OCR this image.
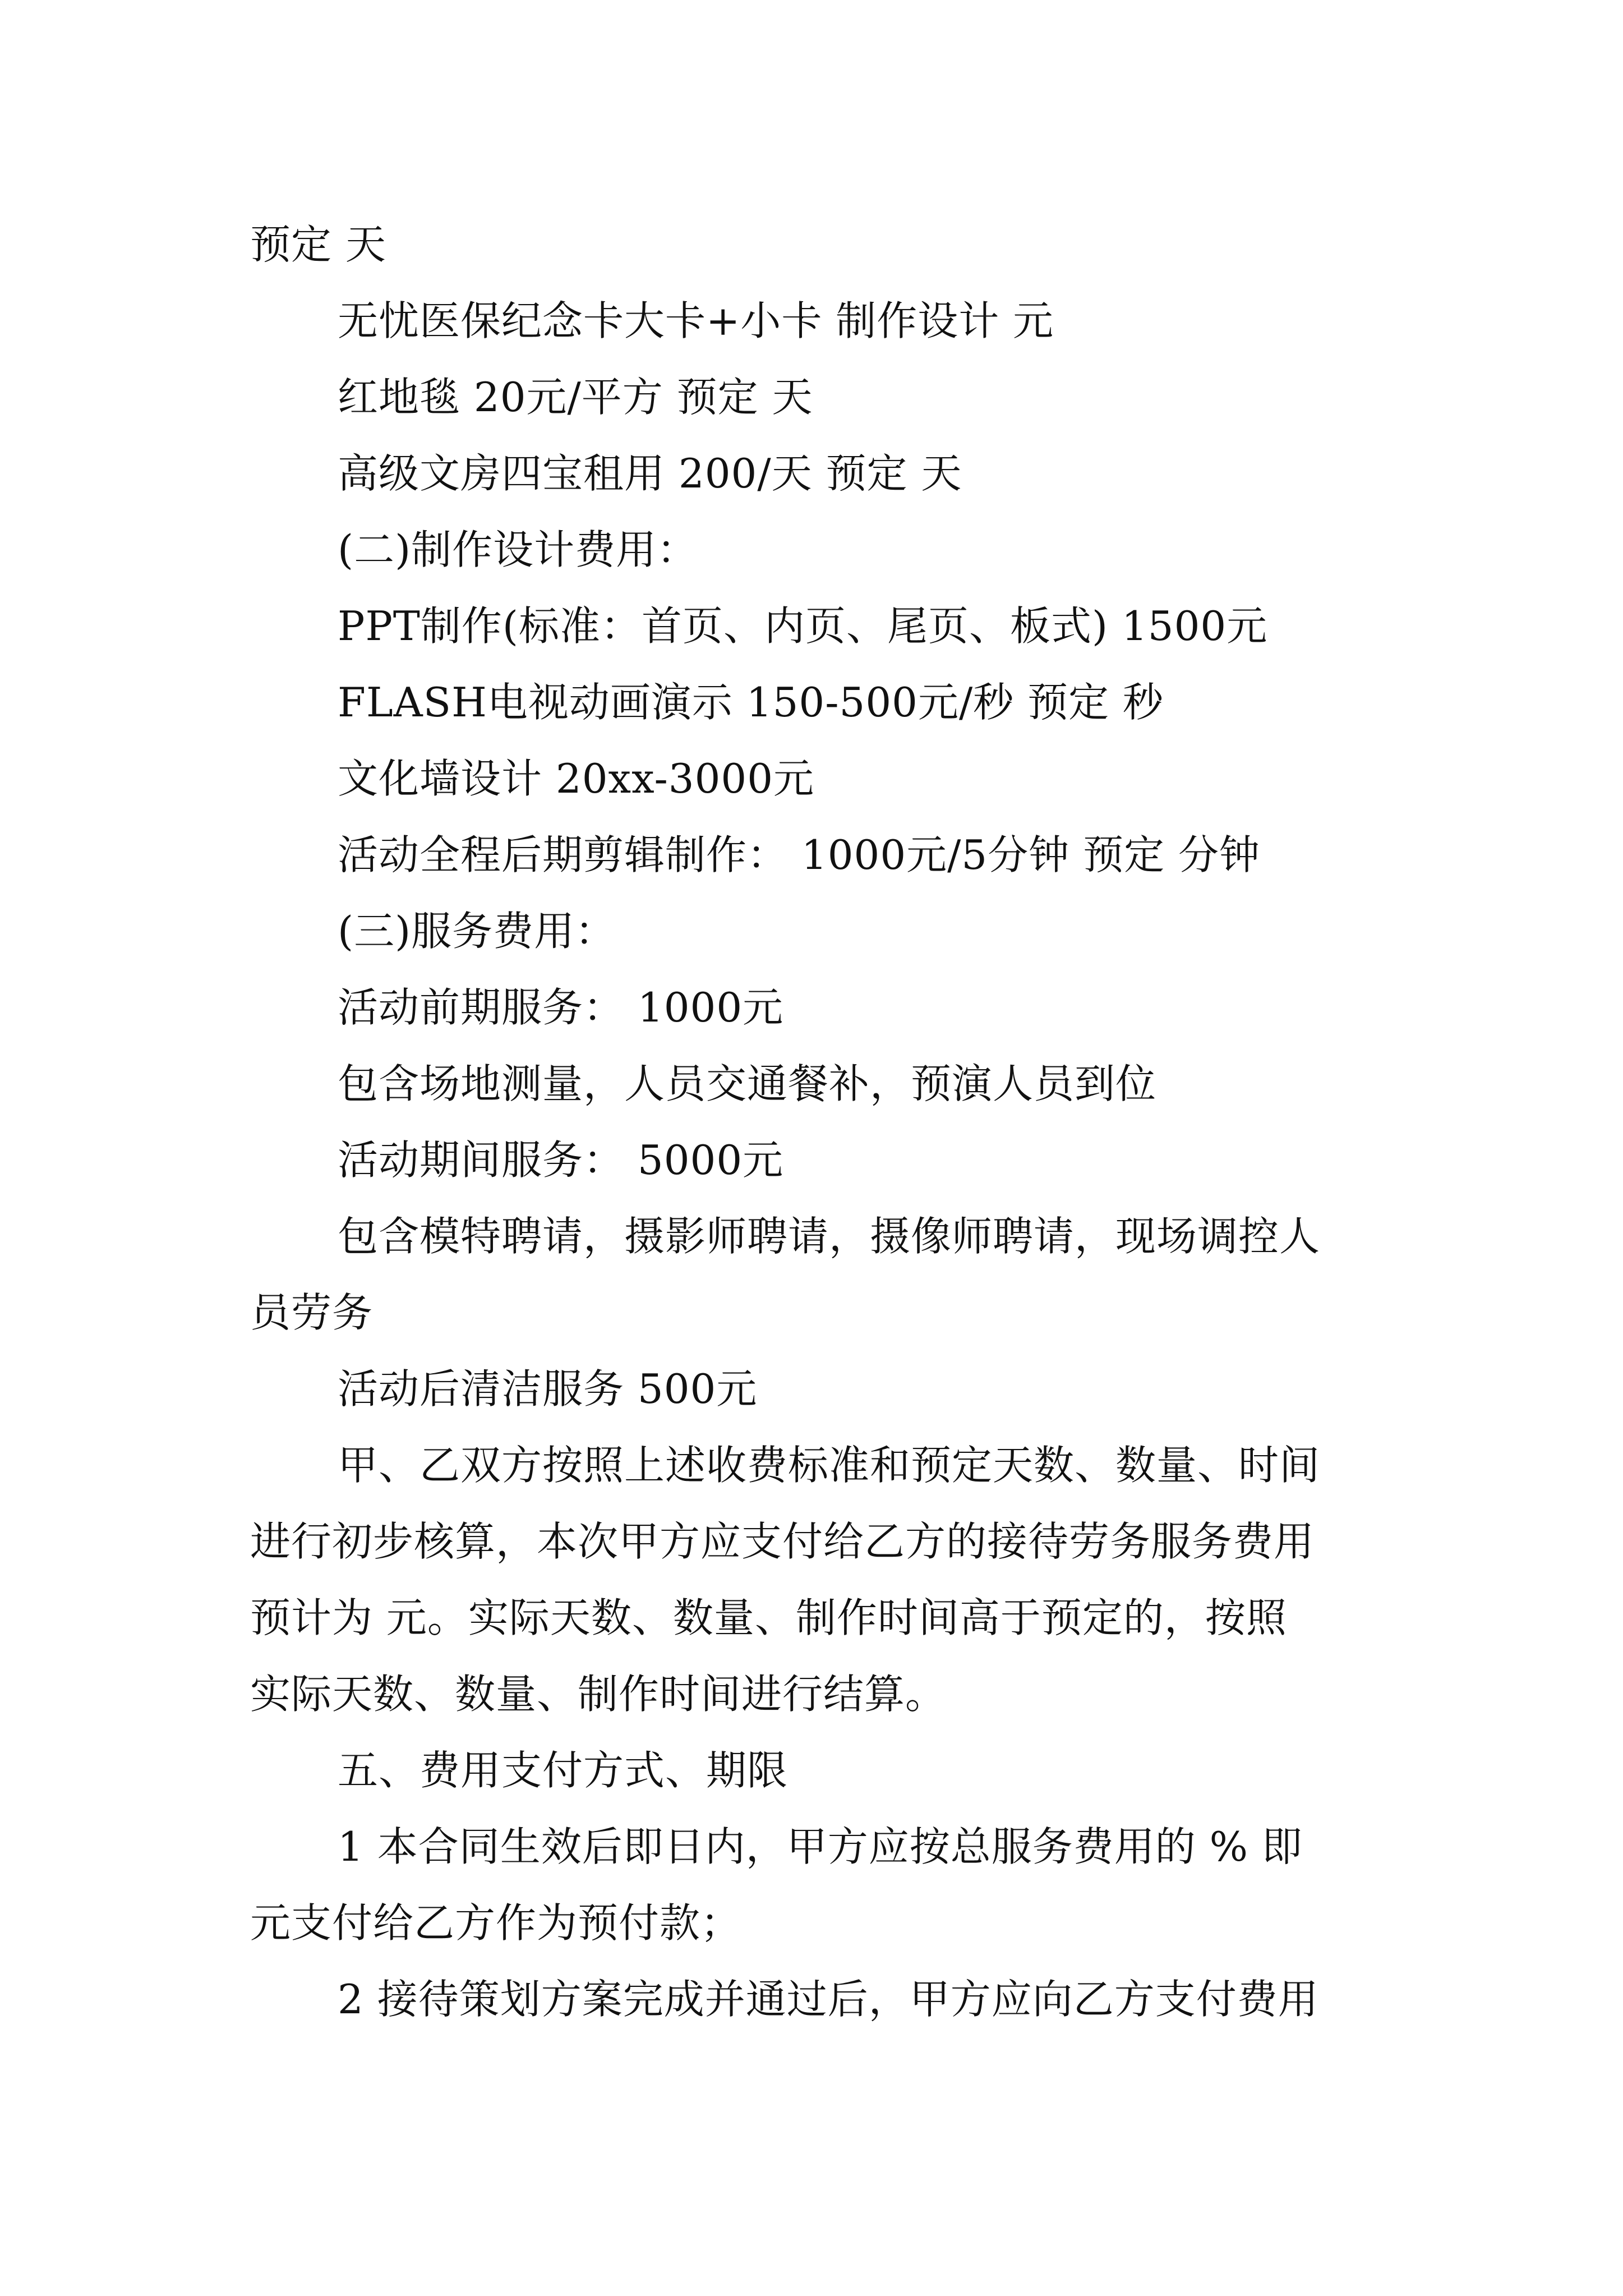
预定 天

无忧医保纪念卡大卡+小卡 制作设计 元

红地毯 20元/平方 预定 天

高级文房四宝租用 200/天 预定 天

(二)制作设计费用：

PPT制作(标准：首页、内页、尾页、板式) 1500元

FLASH电视动画演示 150-500元/秒 预定 秒

文化墙设计 20xx-3000元

活动全程后期剪辑制作： 1000元/5分钟 预定 分钟

(三)服务费用：

活动前期服务： 1000元

包含场地测量，人员交通餐补，预演人员到位

活动期间服务： 5000元

包含模特聘请，摄影师聘请，摄像师聘请，现场调控人

员劳务

活动后清洁服务 500元

甲、乙双方按照上述收费标准和预定天数、数量、时间

进行初步核算，本次甲方应支付给乙方的接待劳务服务费用

预计为 元。实际天数、数量、制作时间高于预定的，按照

实际天数、数量、制作时间进行结算。

五、费用支付方式、期限

1 本合同生效后即日内，甲方应按总服务费用的 % 即

元支付给乙方作为预付款；

2 接待策划方案完成并通过后，甲方应向乙方支付费用
